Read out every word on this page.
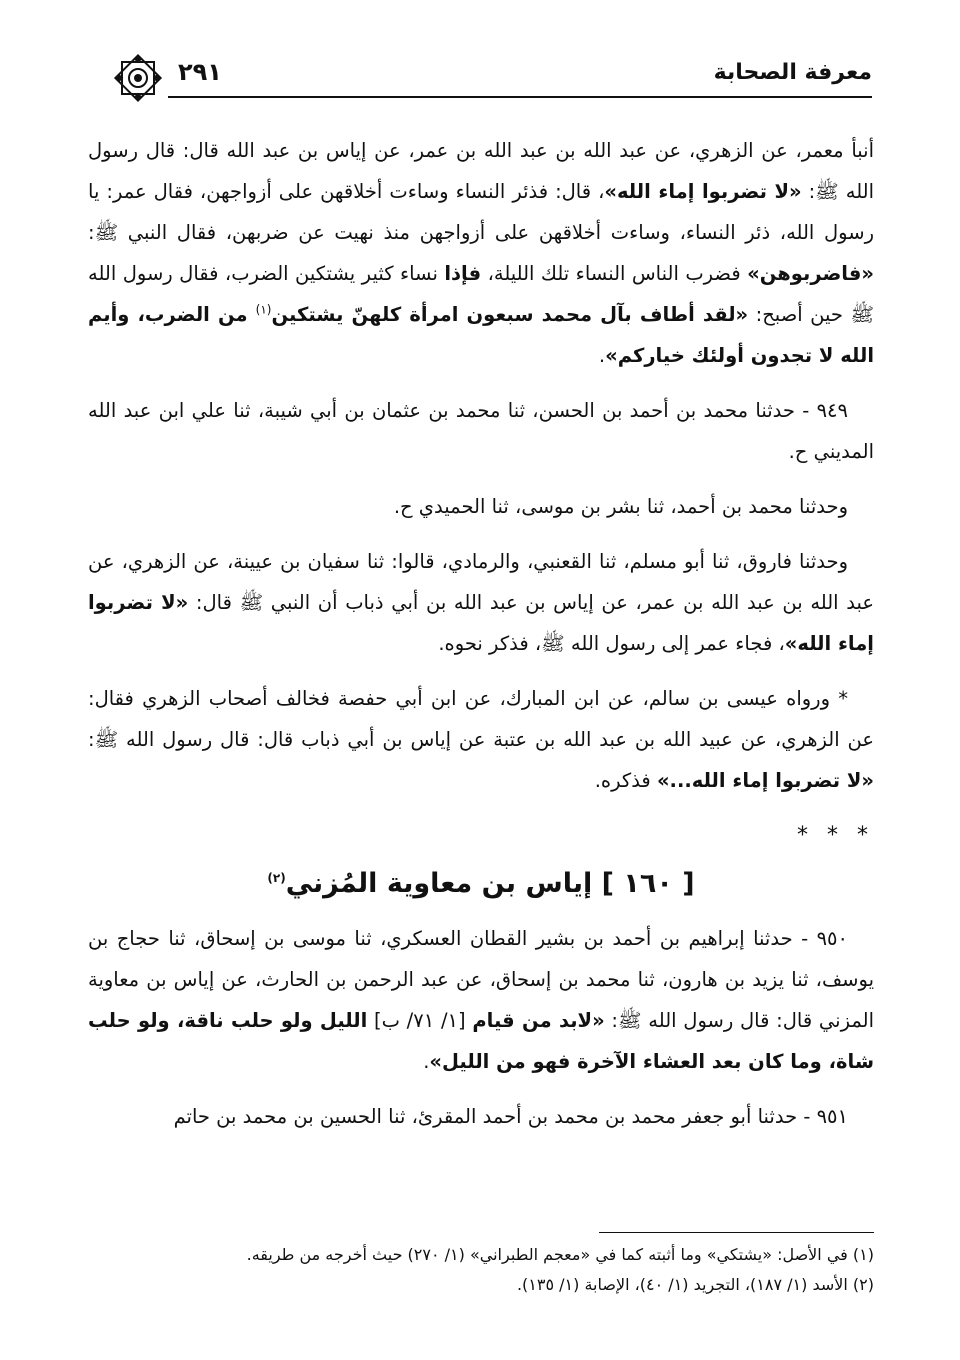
معرفة الصحابة
٢٩١

أنبأ معمر، عن الزهري، عن عبد الله بن عبد الله بن عمر، عن إياس بن عبد الله قال: قال رسول الله ﷺ: «لا تضربوا إماء الله»، قال: فذئر النساء وساءت أخلاقهن على أزواجهن، فقال عمر: يا رسول الله، ذئر النساء، وساءت أخلاقهن على أزواجهن منذ نهيت عن ضربهن، فقال النبي ﷺ: «فاضربوهن» فضرب الناس النساء تلك الليلة، فإذا نساء كثير يشتكين الضرب، فقال رسول الله ﷺ حين أصبح: «لقد أطاف بآل محمد سبعون امرأة كلهنّ يشتكين$^{(١)}$ من الضرب، وأيم الله لا تجدون أولئك خياركم».

٩٤٩ - حدثنا محمد بن أحمد بن الحسن، ثنا محمد بن عثمان بن أبي شيبة، ثنا علي ابن عبد الله المديني ح.

وحدثنا محمد بن أحمد، ثنا بشر بن موسى، ثنا الحميدي ح.

وحدثنا فاروق، ثنا أبو مسلم، ثنا القعنبي، والرمادي، قالوا: ثنا سفيان بن عيينة، عن الزهري، عن عبد الله بن عبد الله بن عمر، عن إياس بن عبد الله بن أبي ذباب أن النبي ﷺ قال: «لا تضربوا إماء الله»، فجاء عمر إلى رسول الله ﷺ، فذكر نحوه.

* ورواه عيسى بن سالم، عن ابن المبارك، عن ابن أبي حفصة فخالف أصحاب الزهري فقال: عن الزهري، عن عبيد الله بن عبد الله بن عتبة عن إياس بن أبي ذباب قال: قال رسول الله ﷺ: «لا تضربوا إماء الله...» فذكره.

* * *
[ ١٦٠ ] إياس بن معاوية المُزني$^{(٢)}$

٩٥٠ - حدثنا إبراهيم بن أحمد بن بشير القطان العسكري، ثنا موسى بن إسحاق، ثنا حجاج بن يوسف، ثنا يزيد بن هارون، ثنا محمد بن إسحاق، عن عبد الرحمن بن الحارث، عن إياس بن معاوية المزني قال: قال رسول الله ﷺ: «لابد من قيام [١/ ٧١/ ب] الليل ولو حلب ناقة، ولو حلب شاة، وما كان بعد العشاء الآخرة فهو من الليل».

٩٥١ - حدثنا أبو جعفر محمد بن محمد بن أحمد المقرئ، ثنا الحسين بن محمد بن حاتم

(١) في الأصل: «يشتكي» وما أثبته كما في «معجم الطبراني» (١/ ٢٧٠) حيث أخرجه من طريقه.

(٢) الأسد (١/ ١٨٧)، التجريد (١/ ٤٠)، الإصابة (١/ ١٣٥).
